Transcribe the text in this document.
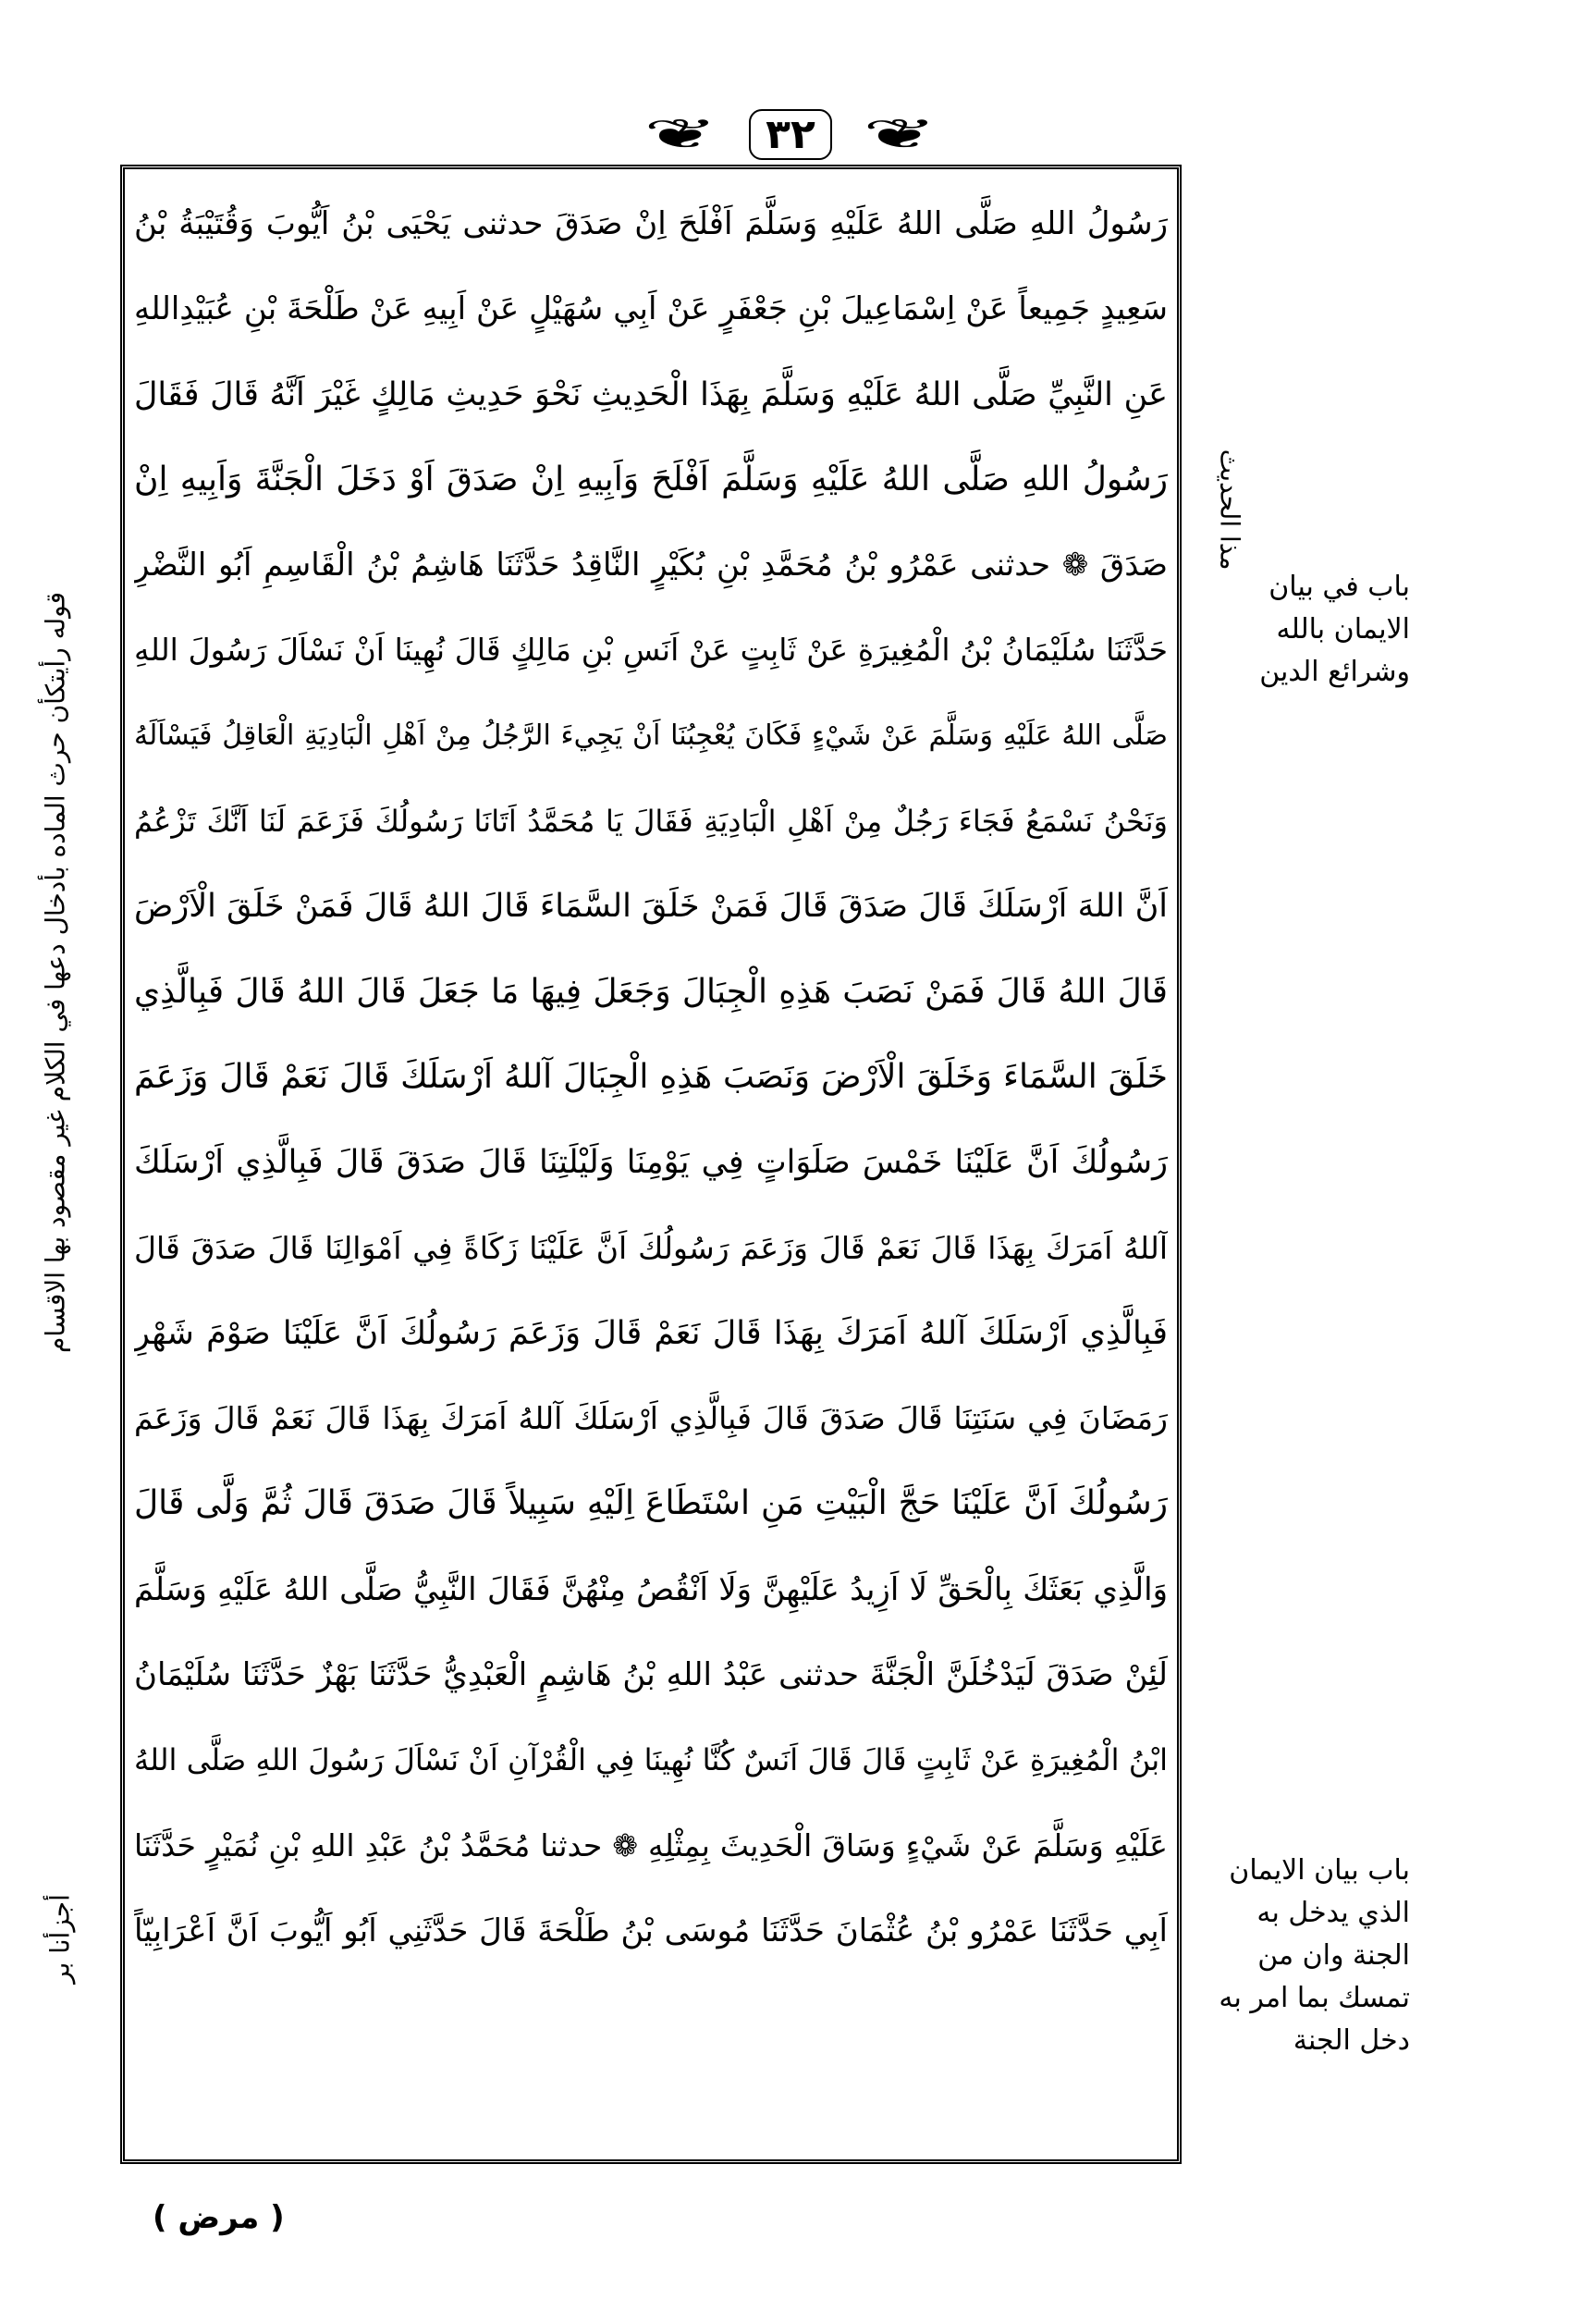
❦ ٣٢ ❦
رَسُولُ اللهِ صَلَّى اللهُ عَلَيْهِ وَسَلَّمَ اَفْلَحَ اِنْ صَدَقَ حدثنى يَحْيَى بْنُ اَيُّوبَ وَقُتَيْبَةُ بْنُ
سَعِيدٍ جَمِيعاً عَنْ اِسْمَاعِيلَ بْنِ جَعْفَرٍ عَنْ اَبِي سُهَيْلٍ عَنْ اَبِيهِ عَنْ طَلْحَةَ بْنِ عُبَيْدِاللهِ
عَنِ النَّبِيِّ صَلَّى اللهُ عَلَيْهِ وَسَلَّمَ بِهَذَا الْحَدِيثِ نَحْوَ حَدِيثِ مَالِكٍ غَيْرَ اَنَّهُ قَالَ فَقَالَ
رَسُولُ اللهِ صَلَّى اللهُ عَلَيْهِ وَسَلَّمَ اَفْلَحَ وَاَبِيهِ اِنْ صَدَقَ اَوْ دَخَلَ الْجَنَّةَ وَاَبِيهِ اِنْ
صَدَقَ ❁ حدثنى عَمْرُو بْنُ مُحَمَّدِ بْنِ بُكَيْرٍ النَّاقِدُ حَدَّثَنَا هَاشِمُ بْنُ الْقَاسِمِ اَبُو النَّضْرِ
حَدَّثَنَا سُلَيْمَانُ بْنُ الْمُغِيرَةِ عَنْ ثَابِتٍ عَنْ اَنَسِ بْنِ مَالِكٍ قَالَ نُهِينَا اَنْ نَسْاَلَ رَسُولَ اللهِ
صَلَّى اللهُ عَلَيْهِ وَسَلَّمَ عَنْ شَيْءٍ فَكَانَ يُعْجِبُنَا اَنْ يَجِيءَ الرَّجُلُ مِنْ اَهْلِ الْبَادِيَةِ الْعَاقِلُ فَيَسْاَلَهُ
وَنَحْنُ نَسْمَعُ فَجَاءَ رَجُلٌ مِنْ اَهْلِ الْبَادِيَةِ فَقَالَ يَا مُحَمَّدُ اَتَانَا رَسُولُكَ فَزَعَمَ لَنَا اَنَّكَ تَزْعُمُ
اَنَّ اللهَ اَرْسَلَكَ قَالَ صَدَقَ قَالَ فَمَنْ خَلَقَ السَّمَاءَ قَالَ اللهُ قَالَ فَمَنْ خَلَقَ الْاَرْضَ
قَالَ اللهُ قَالَ فَمَنْ نَصَبَ هَذِهِ الْجِبَالَ وَجَعَلَ فِيهَا مَا جَعَلَ قَالَ اللهُ قَالَ فَبِالَّذِي
خَلَقَ السَّمَاءَ وَخَلَقَ الْاَرْضَ وَنَصَبَ هَذِهِ الْجِبَالَ آللهُ اَرْسَلَكَ قَالَ نَعَمْ قَالَ وَزَعَمَ
رَسُولُكَ اَنَّ عَلَيْنَا خَمْسَ صَلَوَاتٍ فِي يَوْمِنَا وَلَيْلَتِنَا قَالَ صَدَقَ قَالَ فَبِالَّذِي اَرْسَلَكَ
آللهُ اَمَرَكَ بِهَذَا قَالَ نَعَمْ قَالَ وَزَعَمَ رَسُولُكَ اَنَّ عَلَيْنَا زَكَاةً فِي اَمْوَالِنَا قَالَ صَدَقَ قَالَ
فَبِالَّذِي اَرْسَلَكَ آللهُ اَمَرَكَ بِهَذَا قَالَ نَعَمْ قَالَ وَزَعَمَ رَسُولُكَ اَنَّ عَلَيْنَا صَوْمَ شَهْرِ
رَمَضَانَ فِي سَنَتِنَا قَالَ صَدَقَ قَالَ فَبِالَّذِي اَرْسَلَكَ آللهُ اَمَرَكَ بِهَذَا قَالَ نَعَمْ قَالَ وَزَعَمَ
رَسُولُكَ اَنَّ عَلَيْنَا حَجَّ الْبَيْتِ مَنِ اسْتَطَاعَ اِلَيْهِ سَبِيلاً قَالَ صَدَقَ قَالَ ثُمَّ وَلَّى قَالَ
وَالَّذِي بَعَثَكَ بِالْحَقِّ لَا اَزِيدُ عَلَيْهِنَّ وَلَا اَنْقُصُ مِنْهُنَّ فَقَالَ النَّبِيُّ صَلَّى اللهُ عَلَيْهِ وَسَلَّمَ
لَئِنْ صَدَقَ لَيَدْخُلَنَّ الْجَنَّةَ حدثنى عَبْدُ اللهِ بْنُ هَاشِمٍ الْعَبْدِيُّ حَدَّثَنَا بَهْزٌ حَدَّثَنَا سُلَيْمَانُ
ابْنُ الْمُغِيرَةِ عَنْ ثَابِتٍ قَالَ قَالَ اَنَسٌ كُنَّا نُهِينَا فِي الْقُرْآنِ اَنْ نَسْاَلَ رَسُولَ اللهِ صَلَّى اللهُ
عَلَيْهِ وَسَلَّمَ عَنْ شَيْءٍ وَسَاقَ الْحَدِيثَ بِمِثْلِهِ ❁ حدثنا مُحَمَّدُ بْنُ عَبْدِ اللهِ بْنِ نُمَيْرٍ حَدَّثَنَا
اَبِي حَدَّثَنَا عَمْرُو بْنُ عُثْمَانَ حَدَّثَنَا مُوسَى بْنُ طَلْحَةَ قَالَ حَدَّثَنِي اَبُو اَيُّوبَ اَنَّ اَعْرَابِيّاً
باب في بيان الايمان بالله وشرائع الدين
باب بيان الايمان الذي يدخل به الجنة وان من تمسك بما امر به دخل الجنة
مذا الحديث
قوله رأيتكأن حرث الماده بأدخال دعها في الكلام غير مقصود بها الاقسام
أجزأنا بر
( مرض )
